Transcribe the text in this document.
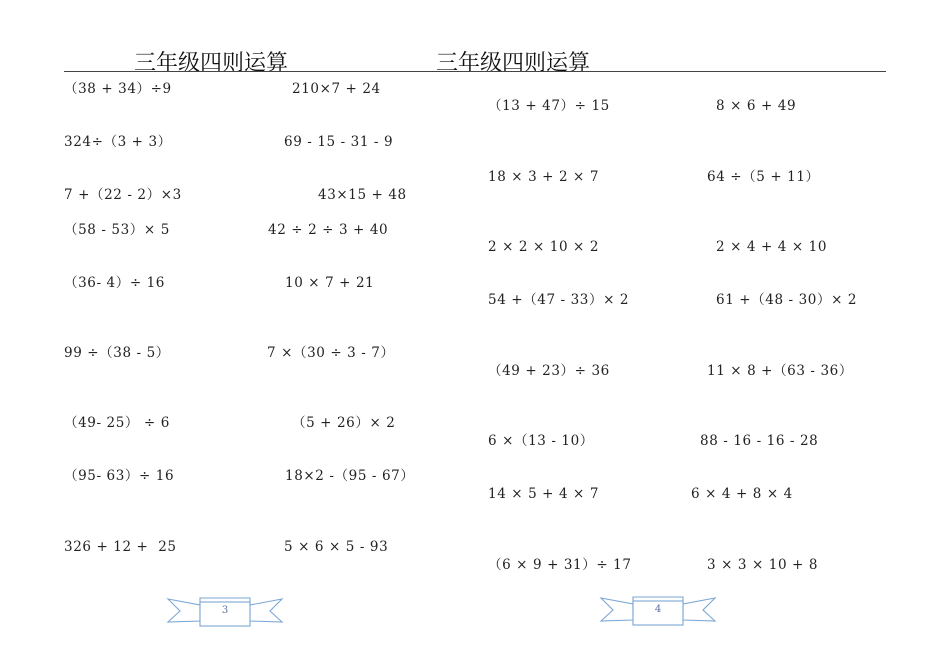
三年级四则运算	三年级四则运算
（38 + 34）÷9	210×7 + 24
324÷（3 + 3）	69 - 15 - 31 - 9
7 +（22 - 2）×3	43×15 + 48
（58 - 53）× 5	42 ÷ 2 ÷ 3 + 40
（36- 4）÷ 16	10 × 7 + 21
99 ÷（38 - 5）	7 ×（30 ÷ 3 - 7）
（49- 25） ÷ 6	（5 + 26）× 2
（95- 63）÷ 16	18×2 -（95 - 67）
326 + 12 +  25	5 × 6 × 5 - 93
（13 + 47）÷ 15	8 × 6 + 49
18 × 3 + 2 × 7	64 ÷（5 + 11）
2 × 2 × 10 × 2	2 × 4 + 4 × 10
54 +（47 - 33）× 2	61 +（48 - 30）× 2
（49 + 23）÷ 36	11 × 8 +（63 - 36）
6 ×（13 - 10）	88 - 16 - 16 - 28
14 × 5 + 4 × 7	6 × 4 + 8 × 4
（6 × 9 + 31）÷ 17	3 × 3 × 10 + 8
3	4
